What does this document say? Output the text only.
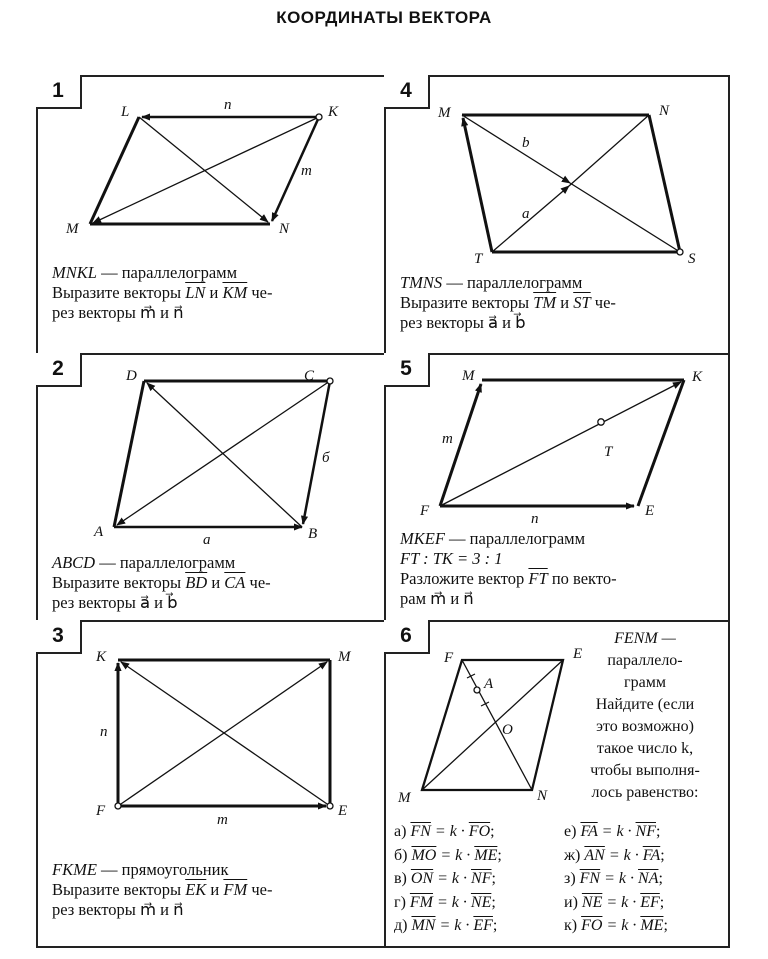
КООРДИНАТЫ ВЕКТОРА
1
L	K
M	N
n⃗
m⃗
MNKL — параллелограмм
Выразите векторы $\overline{LN}$ и $\overline{KM}$ че-
рез векторы m⃗ и n⃗
4
M	N
T	S
b⃗
a⃗
TMNS — параллелограмм
Выразите векторы $\overline{TM}$ и $\overline{ST}$ че-
рез векторы a⃗ и b⃗
2	D	C
A	B
a⃗
б
ABCD — параллелограмм
Выразите векторы $\overline{BD}$ и $\overline{CA}$ че-
рез векторы a⃗ и b⃗
5	M	K
F	E
T
m⃗
n⃗
MKEF — параллелограмм
FT : TK = 3 : 1
Разложите вектор $\overline{FT}$ по векто-
рам m⃗ и n⃗
3
K	M
F	E
n⃗
m⃗
FKME — прямоугольник
Выразите векторы $\overline{EK}$ и $\overline{FM}$ че-
рез векторы m⃗ и n⃗
6
F	E
A
O
M	N
FENM —
параллело-
грамм
Найдите (если
это возможно)
такое число k,
чтобы выполня-
лось равенство:
а) $\overline{FN} = k \cdot \overline{FO}$;
б) $\overline{MO} = k \cdot \overline{ME}$;
в) $\overline{ON} = k \cdot \overline{NF}$;
г) $\overline{FM} = k \cdot \overline{NE}$;
д) $\overline{MN} = k \cdot \overline{EF}$;
е) $\overline{FA} = k \cdot \overline{NF}$;
ж) $\overline{AN} = k \cdot \overline{FA}$;
з) $\overline{FN} = k \cdot \overline{NA}$;
и) $\overline{NE} = k \cdot \overline{EF}$;
к) $\overline{FO} = k \cdot \overline{ME}$;
